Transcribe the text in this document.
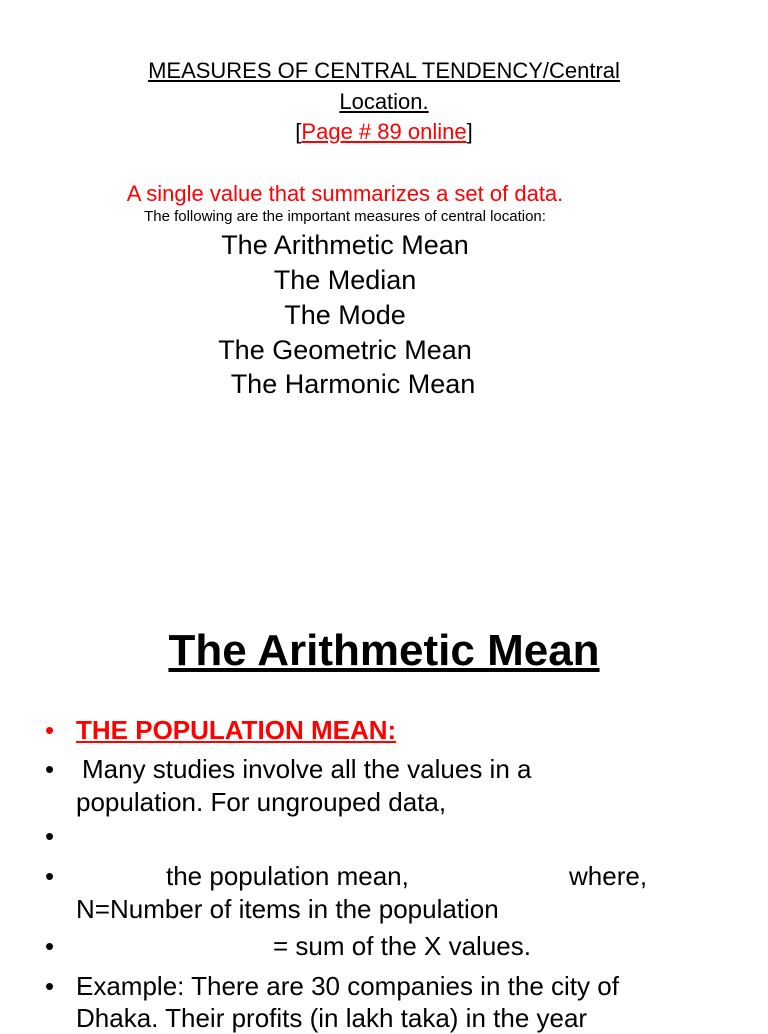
MEASURES OF CENTRAL TENDENCY/Central
Location.
[Page # 89 online]
A single value that summarizes a set of data.
The following are the important measures of central location:
The Arithmetic Mean
The Median
The Mode
The Geometric Mean
The Harmonic Mean
The Arithmetic Mean
• THE POPULATION MEAN:
• Many studies involve all the values in a
population. For ungrouped data,
•
•	the population mean,	where,
N=Number of items in the population
•	= sum of the X values.
• Example: There are 30 companies in the city of
Dhaka. Their profits (in lakh taka) in the year
